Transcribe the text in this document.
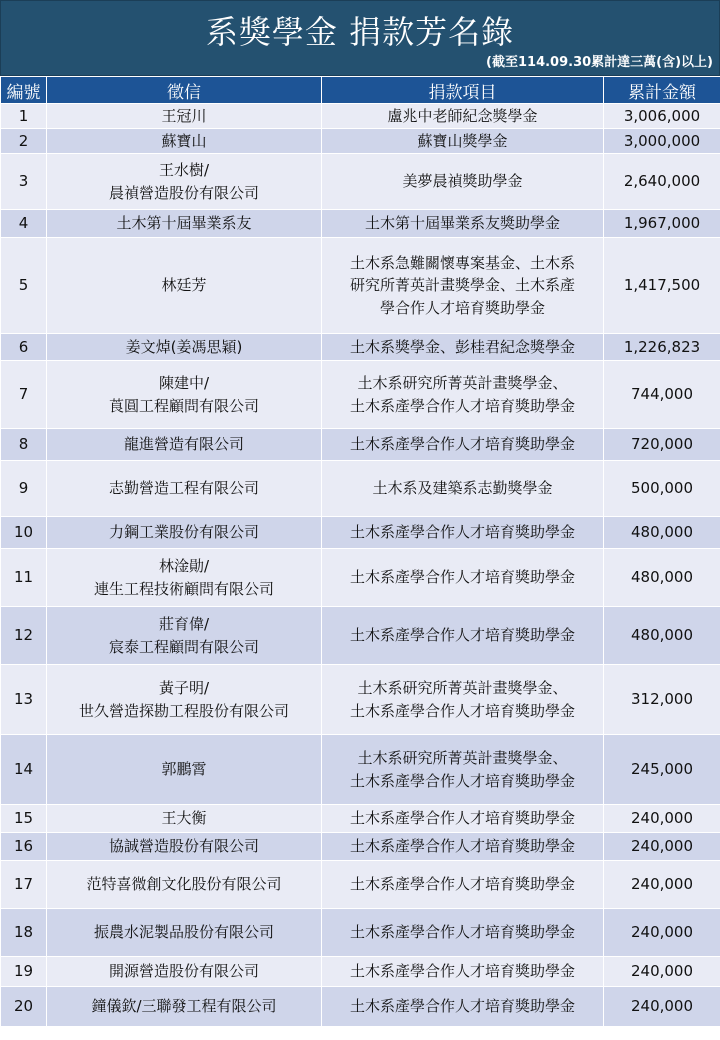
系獎學金 捐款芳名錄
(截至114.09.30累計達三萬(含)以上)
編號	徵信	捐款項目	累計金額
1	王冠川	盧兆中老師紀念獎學金	3,006,000
2	蘇寶山	蘇寶山獎學金	3,000,000
3	王水樹/
晨禎營造股份有限公司	美夢晨禎獎助學金	2,640,000
4	土木第十屆畢業系友	土木第十屆畢業系友獎助學金	1,967,000
5	林廷芳	土木系急難關懷專案基金、土木系
研究所菁英計畫獎學金、土木系產
學合作人才培育獎助學金	1,417,500
6	姜文焯(姜馮思穎)	土木系獎學金、彭桂君紀念獎學金	1,226,823
7	陳建中/
莨圓工程顧問有限公司	土木系研究所菁英計畫獎學金、
土木系產學合作人才培育獎助學金	744,000
8	龍進營造有限公司	土木系產學合作人才培育獎助學金	720,000
9	志勤營造工程有限公司	土木系及建築系志勤獎學金	500,000
10	力鋼工業股份有限公司	土木系產學合作人才培育獎助學金	480,000
11	林淦勛/
連生工程技術顧問有限公司	土木系產學合作人才培育獎助學金	480,000
12	莊育偉/
宸泰工程顧問有限公司	土木系產學合作人才培育獎助學金	480,000
13	黃子明/
世久營造探勘工程股份有限公司	土木系研究所菁英計畫獎學金、
土木系產學合作人才培育獎助學金	312,000
14	郭鵬霄	土木系研究所菁英計畫獎學金、
土木系產學合作人才培育獎助學金	245,000
15	王大衡	土木系產學合作人才培育獎助學金	240,000
16	協誠營造股份有限公司	土木系產學合作人才培育獎助學金	240,000
17	范特喜微創文化股份有限公司	土木系產學合作人才培育獎助學金	240,000
18	振農水泥製品股份有限公司	土木系產學合作人才培育獎助學金	240,000
19	開源營造股份有限公司	土木系產學合作人才培育獎助學金	240,000
20	鐘儀欽/三聯發工程有限公司	土木系產學合作人才培育獎助學金	240,000
